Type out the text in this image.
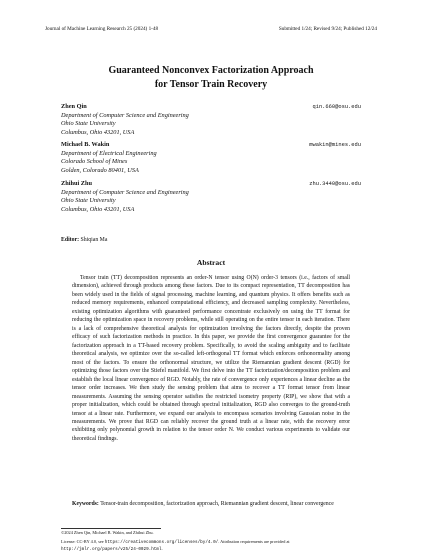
Journal of Machine Learning Research 25 (2024) 1-48	Submitted 1/24; Revised 9/24; Published 12/24
Guaranteed Nonconvex Factorization Approach
for Tensor Train Recovery
Zhen Qin	qin.660@osu.edu
Department of Computer Science and Engineering
Ohio State University
Columbus, Ohio 43201, USA
Michael B. Wakin	mwakin@mines.edu
Department of Electrical Engineering
Colorado School of Mines
Golden, Colorado 80401, USA
Zhihui Zhu	zhu.3440@osu.edu
Department of Computer Science and Engineering
Ohio State University
Columbus, Ohio 43201, USA
Editor: Shiqian Ma
Abstract

Tensor train (TT) decomposition represents an order-N tensor using O(N) order-3 tensors (i.e., factors of small dimension), achieved through products among these factors. Due to its compact representation, TT decomposition has been widely used in the fields of signal processing, machine learning, and quantum physics. It offers benefits such as reduced memory requirements, enhanced computational efficiency, and decreased sampling complexity. Nevertheless, existing optimization algorithms with guaranteed performance concentrate exclusively on using the TT format for reducing the optimization space in recovery problems, while still operating on the entire tensor in each iteration. There is a lack of comprehensive theoretical analysis for optimization involving the factors directly, despite the proven efficacy of such factorization methods in practice. In this paper, we provide the first convergence guarantee for the factorization approach in a TT-based recovery problem. Specifically, to avoid the scaling ambiguity and to facilitate theoretical analysis, we optimize over the so-called left-orthogonal TT format which enforces orthonormality among most of the factors. To ensure the orthonormal structure, we utilize the Riemannian gradient descent (RGD) for optimizing those factors over the Stiefel manifold. We first delve into the TT factorization/decomposition problem and establish the local linear convergence of RGD. Notably, the rate of convergence only experiences a linear decline as the tensor order increases. We then study the sensing problem that aims to recover a TT format tensor from linear measurements. Assuming the sensing operator satisfies the restricted isometry property (RIP), we show that with a proper initialization, which could be obtained through spectral initialization, RGD also converges to the ground-truth tensor at a linear rate. Furthermore, we expand our analysis to encompass scenarios involving Gaussian noise in the measurements. We prove that RGD can reliably recover the ground truth at a linear rate, with the recovery error exhibiting only polynomial growth in relation to the tensor order N. We conduct various experiments to validate our theoretical findings.

Keywords: Tensor-train decomposition, factorization approach, Riemannian gradient descent, linear convergence
©2024 Zhen Qin, Michael B. Wakin, and Zhihui Zhu.
License: CC-BY 4.0, see https://creativecommons.org/licenses/by/4.0/. Attribution requirements are provided at http://jmlr.org/papers/v25/24-0029.html.
